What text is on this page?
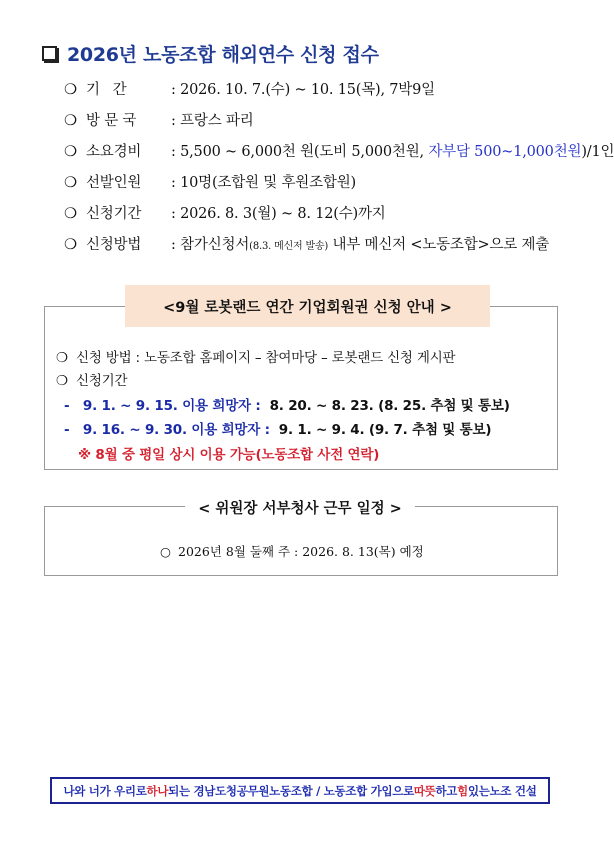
2026년 노동조합 해외연수 신청 접수
❍ 기 간	: 2026. 10. 7.(수) ~ 10. 15(목), 7박9일
❍ 방 문 국 : 프랑스 파리
❍ 소요경비 : 5,500 ~ 6,000천 원(도비 5,000천원, 자부담 500~1,000천원)/1인
❍ 선발인원 : 10명(조합원 및 후원조합원)
❍ 신청기간 : 2026. 8. 3(월) ~ 8. 12(수)까지
❍ 신청방법 : 참가신청서(8.3. 메신저 발송) 내부 메신저 <노동조합>으로 제출
<9월 로봇랜드 연간 기업회원권 신청 안내 >
❍ 신청 방법 : 노동조합 홈페이지 – 참여마당 – 로봇랜드 신청 게시판
❍ 신청기간
- 9. 1. ~ 9. 15. 이용 희망자 : 8. 20. ~ 8. 23. (8. 25. 추첨 및 통보)
- 9. 16. ~ 9. 30. 이용 희망자 : 9. 1. ~ 9. 4. (9. 7. 추첨 및 통보)
※ 8월 중 평일 상시 이용 가능(노동조합 사전 연락)
< 위원장 서부청사 근무 일정 >
○ 2026년 8월 둘째 주 : 2026. 8. 13(목) 예정
나와 너가 우리로 하나 되는 경남도청공무원노동조합 / 노동조합 가입으로 따뜻 하고 힘 있는 노조 건설
